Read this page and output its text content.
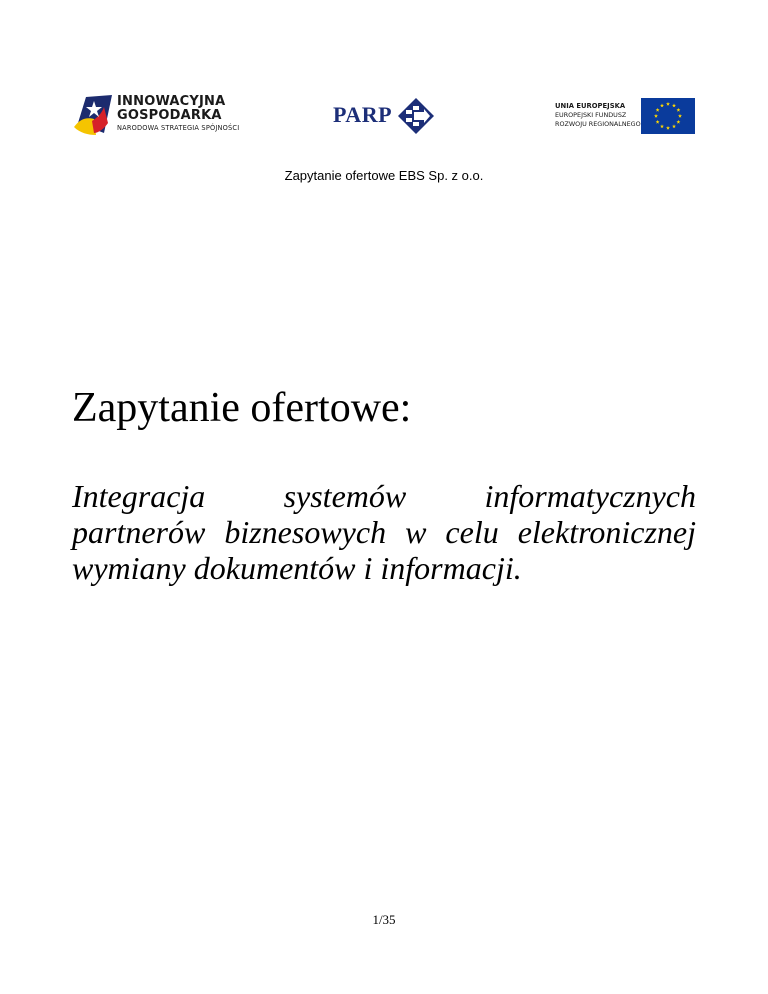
INNOWACYJNA
GOSPODARKA
NARODOWA STRATEGIA SPÓJNOŚCI
PARP	UNIA EUROPEJSKA
EUROPEJSKI FUNDUSZ
ROZWOJU REGIONALNEGO
Zapytanie ofertowe EBS Sp. z o.o.
Zapytanie ofertowe:

Integracja systemów informatycznych partnerów biznesowych w celu elektronicznej wymiany dokumentów i informacji.

1/35
